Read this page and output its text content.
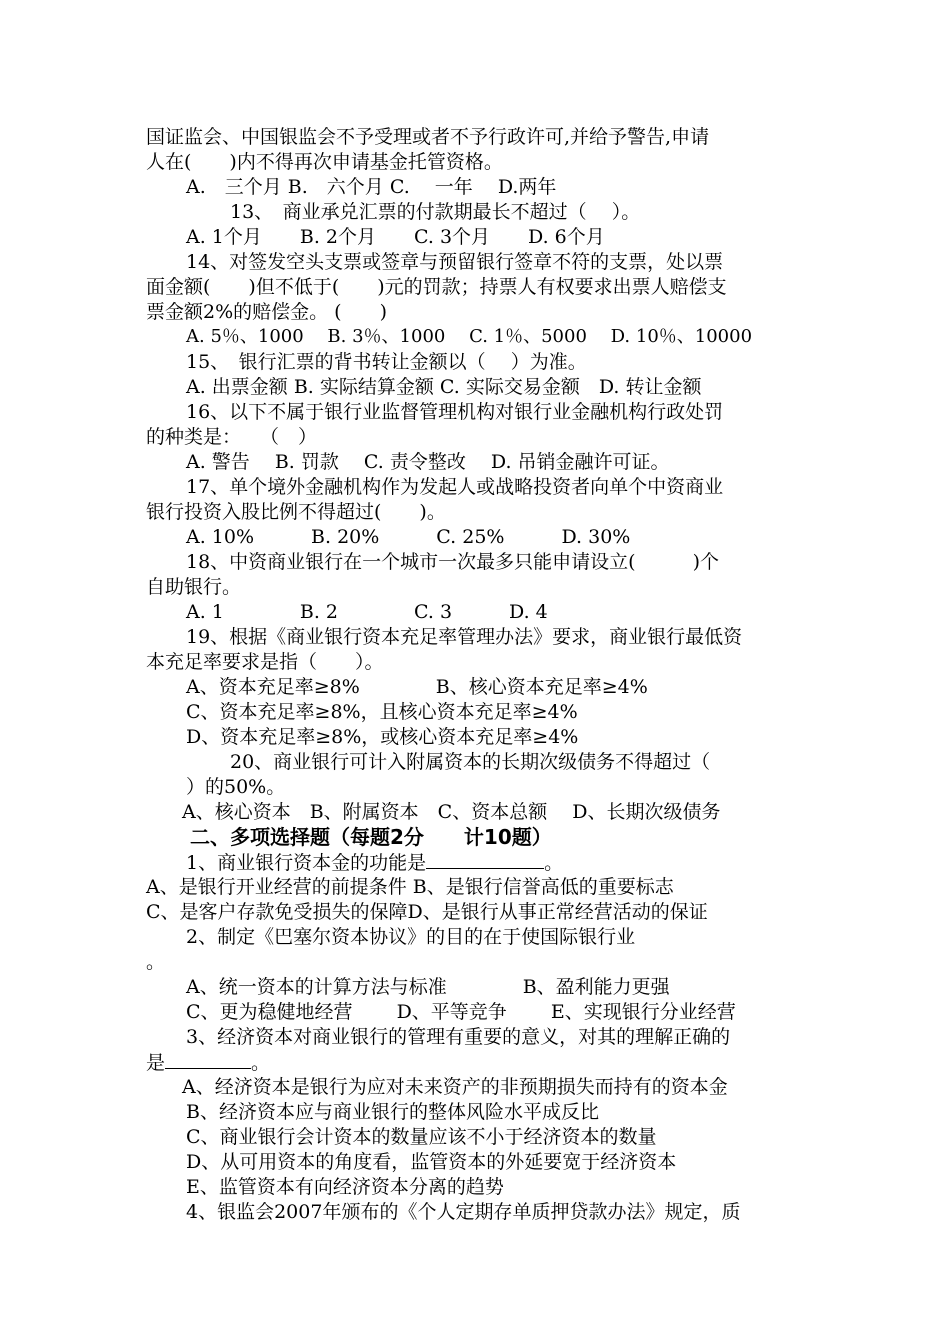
国证监会、中国银监会不予受理或者不予行政许可,并给予警告,申请
人在(　　)内不得再次申请基金托管资格。
A.　三个月 B.　六个月 C.　 一年　 D.两年
13、　商业承兑汇票的付款期最长不超过（　 ）。
A. 1个月　　B. 2个月　　C. 3个月　　D. 6个月
14、对签发空头支票或签章与预留银行签章不符的支票，处以票
面金额(　　)但不低于(　　)元的罚款；持票人有权要求出票人赔偿支
票金额2%的赔偿金。 (　　)
A. 5％、1000　 B. 3％、1000　 C. 1％、5000　 D. 10％、10000
15、　银行汇票的背书转让金额以（　 ）为准。
A. 出票金额 B. 实际结算金额 C. 实际交易金额　D. 转让金额
16、以下不属于银行业监督管理机构对银行业金融机构行政处罚
的种类是：　　（　）
A. 警告　 B. 罚款　 C. 责令整改　 D. 吊销金融许可证。
17、单个境外金融机构作为发起人或战略投资者向单个中资商业
银行投资入股比例不得超过(　　)。
A. 10%　　　B. 20%　　　C. 25%　　　D. 30%
18、中资商业银行在一个城市一次最多只能申请设立(　　　)个
自助银行。
A. 1　　　　B. 2　　　　C. 3　　　D. 4
19、根据《商业银行资本充足率管理办法》要求，商业银行最低资
本充足率要求是指（　　）。
A、资本充足率≥8%　　　　B、核心资本充足率≥4%
C、资本充足率≥8%，且核心资本充足率≥4%
D、资本充足率≥8%，或核心资本充足率≥4%
20、商业银行可计入附属资本的长期次级债务不得超过（
）的50%。
A、核心资本　B、附属资本　C、资本总额　 D、长期次级债务
二、多项选择题（每题2分　　计10题）
1、商业银行资本金的功能是	。
A、是银行开业经营的前提条件 B、是银行信誉高低的重要标志
C、是客户存款免受损失的保障D、是银行从事正常经营活动的保证
2、制定《巴塞尔资本协议》的目的在于使国际银行业
。
A、统一资本的计算方法与标准　　　　B、盈利能力更强
C、更为稳健地经营　　 D、平等竞争　　 E、实现银行分业经营
3、经济资本对商业银行的管理有重要的意义，对其的理解正确的
是	。
A、经济资本是银行为应对未来资产的非预期损失而持有的资本金
B、经济资本应与商业银行的整体风险水平成反比
C、商业银行会计资本的数量应该不小于经济资本的数量
D、从可用资本的角度看，监管资本的外延要宽于经济资本
E、监管资本有向经济资本分离的趋势
4、银监会2007年颁布的《个人定期存单质押贷款办法》规定，质
